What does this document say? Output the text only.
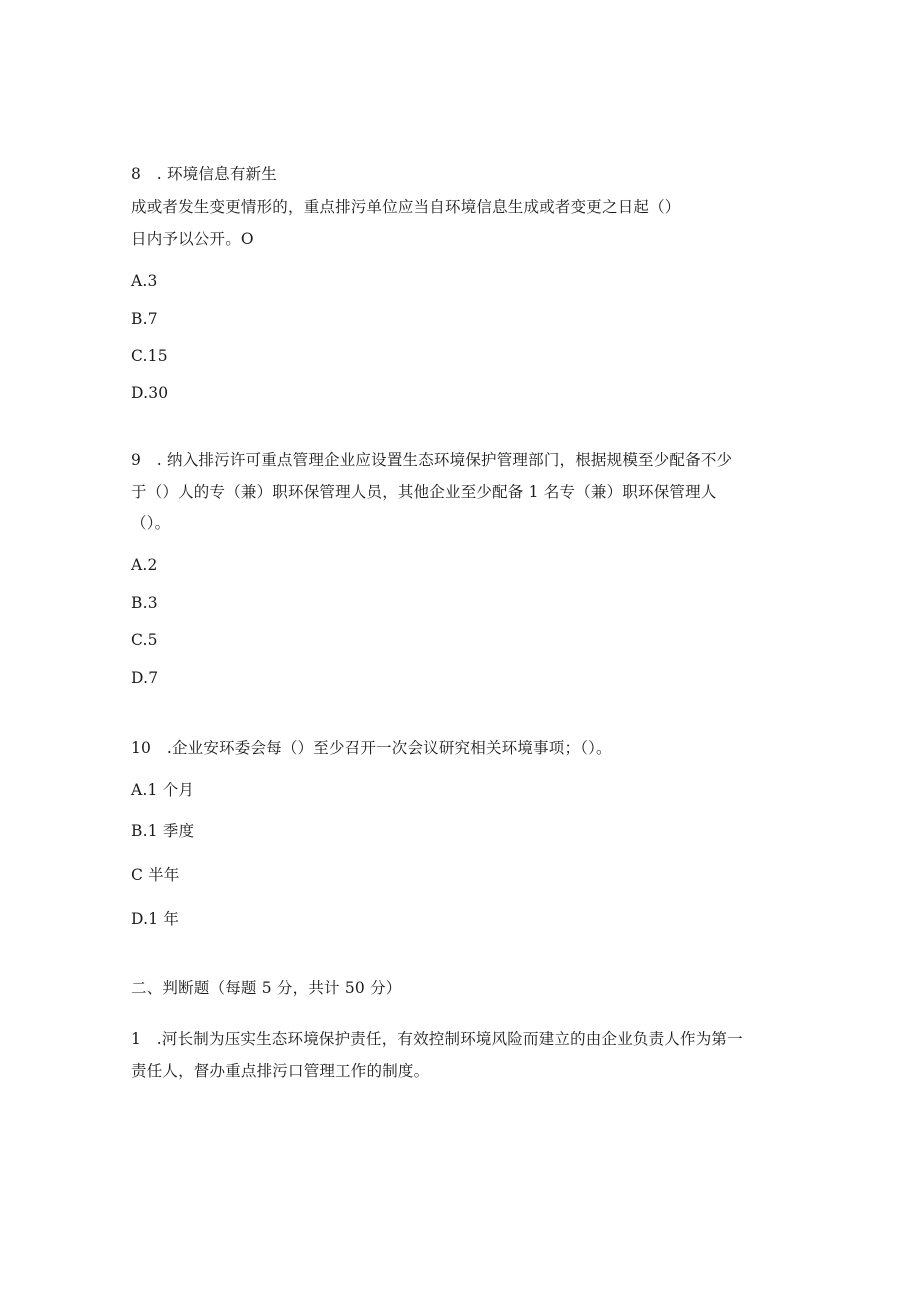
8 . 环境信息有新生
成或者发生变更情形的，重点排污单位应当自环境信息生成或者变更之日起（）
日内予以公开。O
A.3
B.7
C.15
D.30
9 . 纳入排污许可重点管理企业应设置生态环境保护管理部门，根据规模至少配备不少
于（）人的专（兼）职环保管理人员，其他企业至少配备 1 名专（兼）职环保管理人
（）。
A.2
B.3
C.5
D.7
10 .企业安环委会每（）至少召开一次会议研究相关环境事项；（）。
A.1 个月
B.1 季度
C 半年
D.1 年
二、判断题（每题 5 分，共计 50 分）
1 .河长制为压实生态环境保护责任，有效控制环境风险而建立的由企业负责人作为第一
责任人，督办重点排污口管理工作的制度。
